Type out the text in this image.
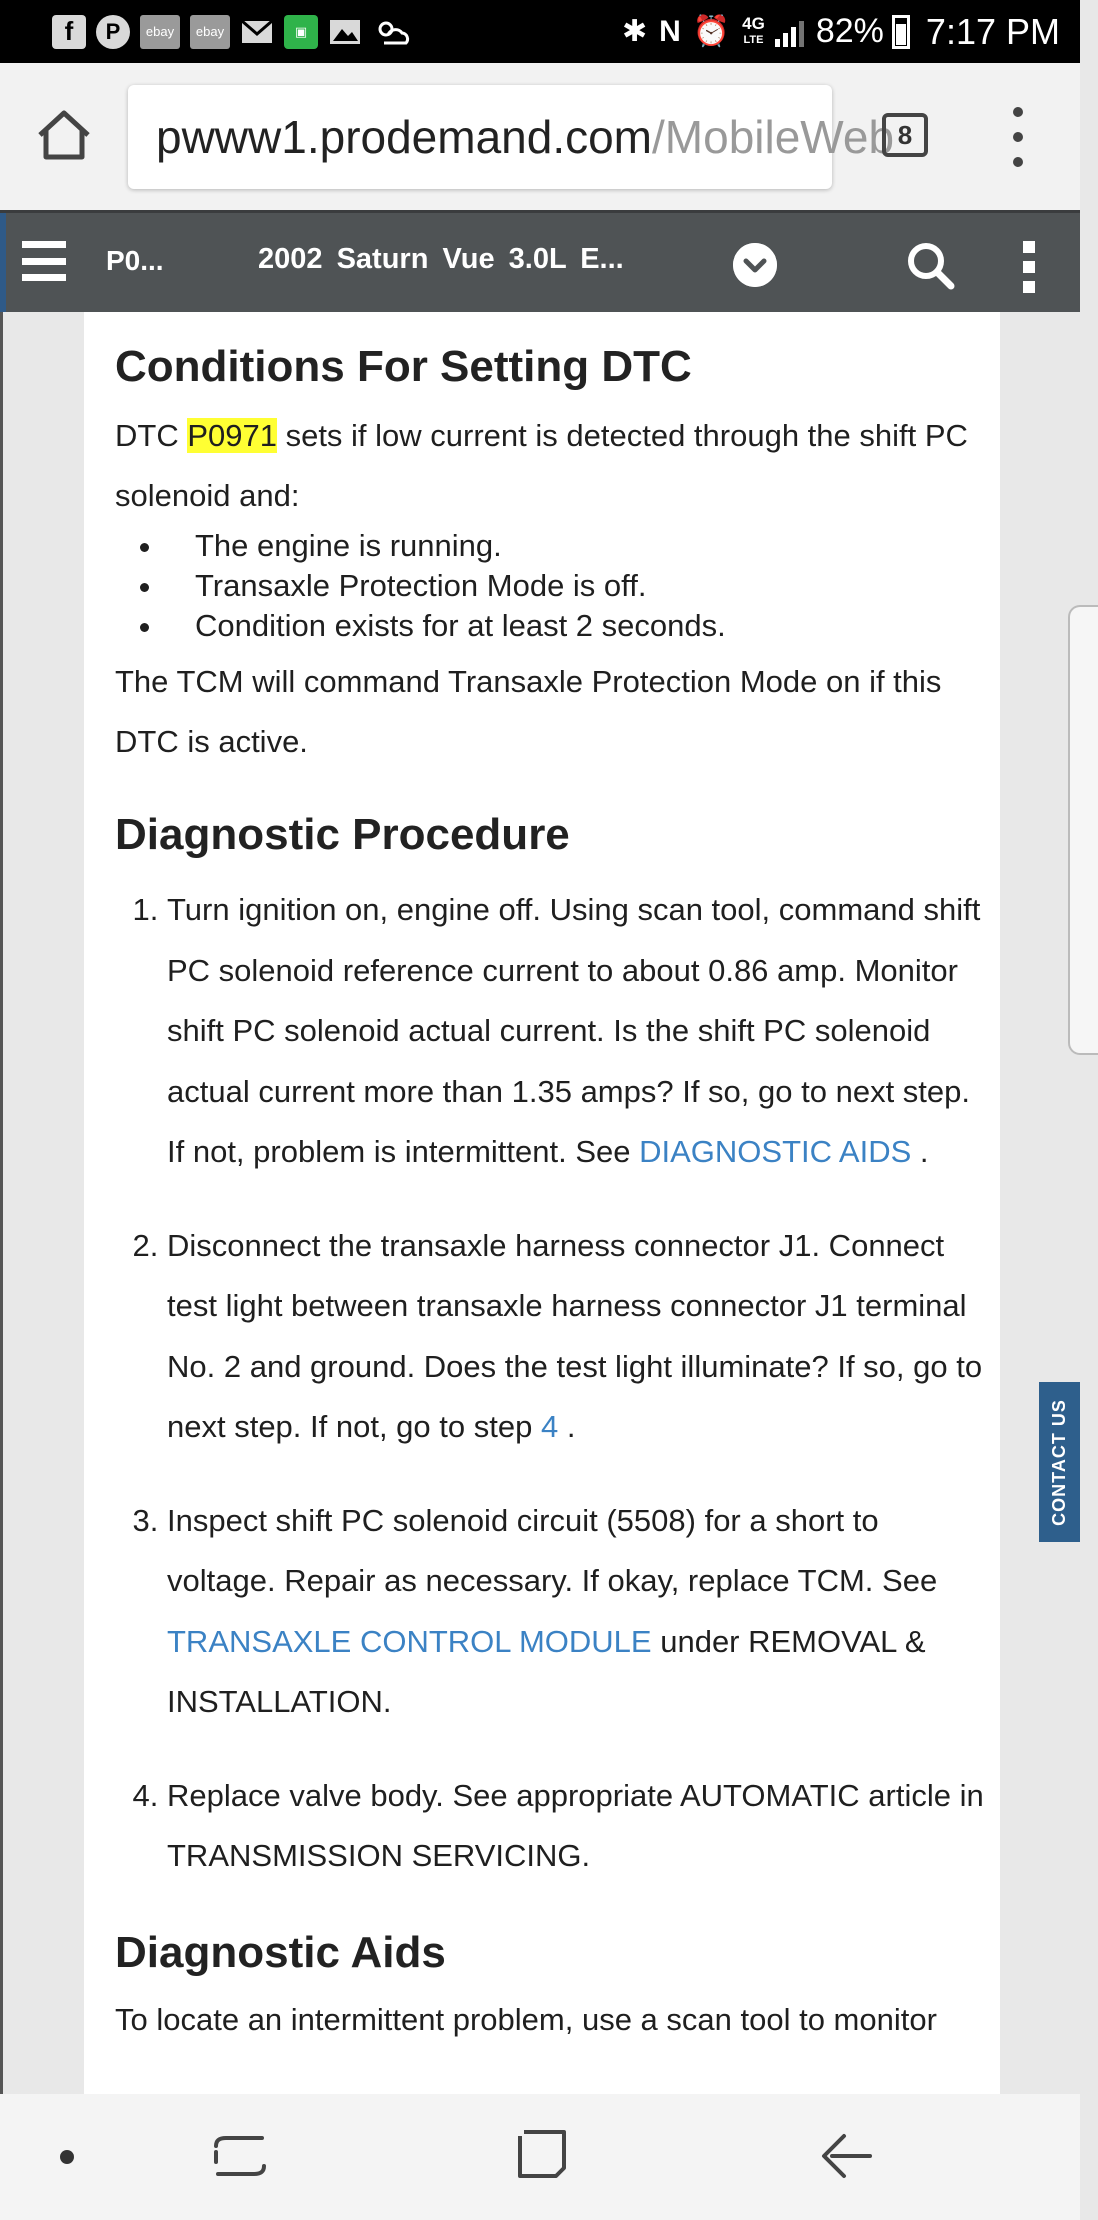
f	P	ebay	ebay	▣	✱ N ⏰ 4G
LTE 82% 7:17 PM
pwww1.prodemand.com /MobileWeb 8
P0...	2002 Saturn Vue 3.0L E...
Conditions For Setting DTC

DTC P0971 sets if low current is detected through the shift PC solenoid and:

• The engine is running.
• Transaxle Protection Mode is off.
• Condition exists for at least 2 seconds.

The TCM will command Transaxle Protection Mode on if this DTC is active.

Diagnostic Procedure
1. Turn ignition on, engine off. Using scan tool, command shift PC solenoid reference current to about 0.86 amp. Monitor shift PC solenoid actual current. Is the shift PC solenoid actual current more than 1.35 amps? If so, go to next step. If not, problem is intermittent. See DIAGNOSTIC AIDS .
2. Disconnect the transaxle harness connector J1. Connect test light between transaxle harness connector J1 terminal No. 2 and ground. Does the test light illuminate? If so, go to next step. If not, go to step 4 .
3. Inspect shift PC solenoid circuit (5508) for a short to voltage. Repair as necessary. If okay, replace TCM. See TRANSAXLE CONTROL MODULE under REMOVAL & INSTALLATION.
4. Replace valve body. See appropriate AUTOMATIC article in TRANSMISSION SERVICING.
Diagnostic Aids

To locate an intermittent problem, use a scan tool to monitor

CONTACT US
